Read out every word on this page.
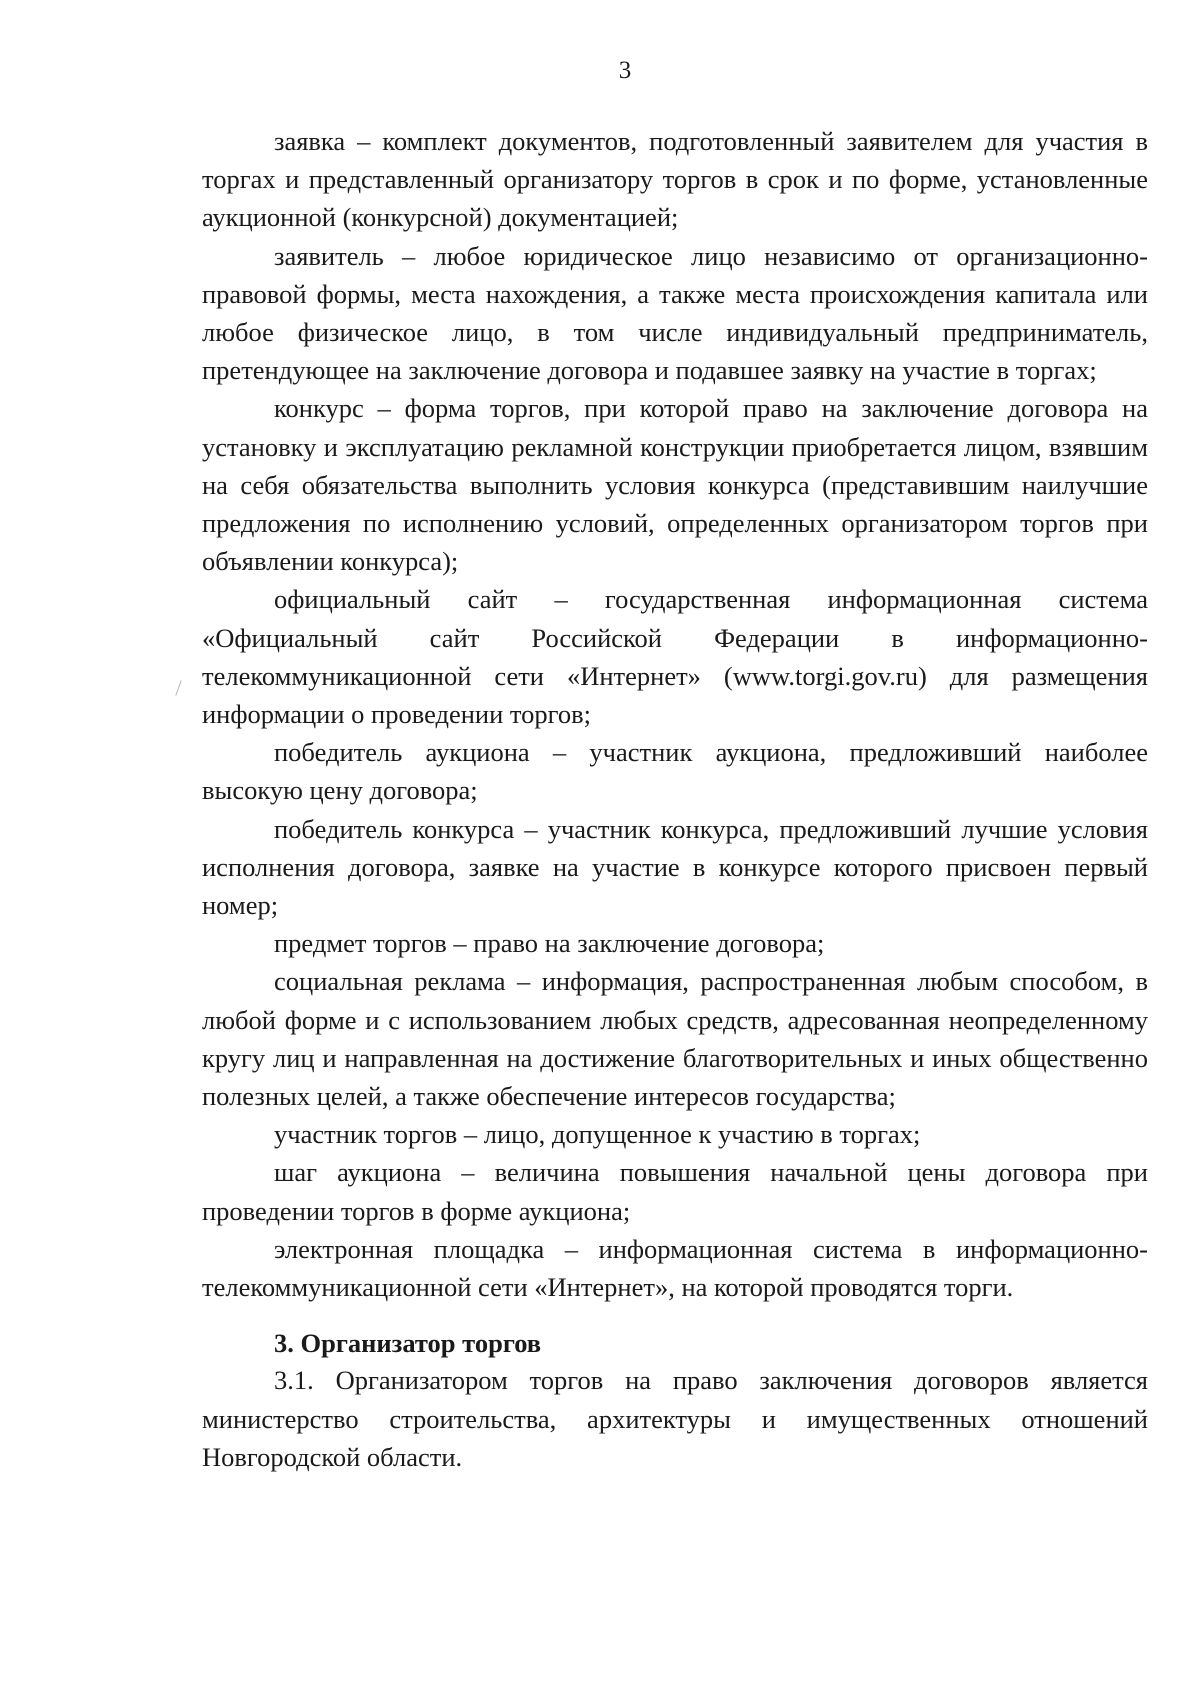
3

заявка – комплект документов, подготовленный заявителем для участия в торгах и представленный организатору торгов в срок и по форме, установленные аукционной (конкурсной) документацией;

заявитель – любое юридическое лицо независимо от организационно-правовой формы, места нахождения, а также места происхождения капитала или любое физическое лицо, в том числе индивидуальный предприниматель, претендующее на заключение договора и подавшее заявку на участие в торгах;

конкурс – форма торгов, при которой право на заключение договора на установку и эксплуатацию рекламной конструкции приобретается лицом, взявшим на себя обязательства выполнить условия конкурса (представившим наилучшие предложения по исполнению условий, определенных организатором торгов при объявлении конкурса);

официальный сайт – государственная информационная система «Официальный сайт Российской Федерации в информационно-телекоммуникационной сети «Интернет» (www.torgi.gov.ru) для размещения информации о проведении торгов;

победитель аукциона – участник аукциона, предложивший наиболее высокую цену договора;

победитель конкурса – участник конкурса, предложивший лучшие условия исполнения договора, заявке на участие в конкурсе которого присвоен первый номер;

предмет торгов – право на заключение договора;

социальная реклама – информация, распространенная любым способом, в любой форме и с использованием любых средств, адресованная неопределенному кругу лиц и направленная на достижение благотворительных и иных общественно полезных целей, а также обеспечение интересов государства;

участник торгов – лицо, допущенное к участию в торгах;

шаг аукциона – величина повышения начальной цены договора при проведении торгов в форме аукциона;

электронная площадка – информационная система в информационно-телекоммуникационной сети «Интернет», на которой проводятся торги.

3. Организатор торгов

3.1. Организатором торгов на право заключения договоров является министерство строительства, архитектуры и имущественных отношений Новгородской области.
